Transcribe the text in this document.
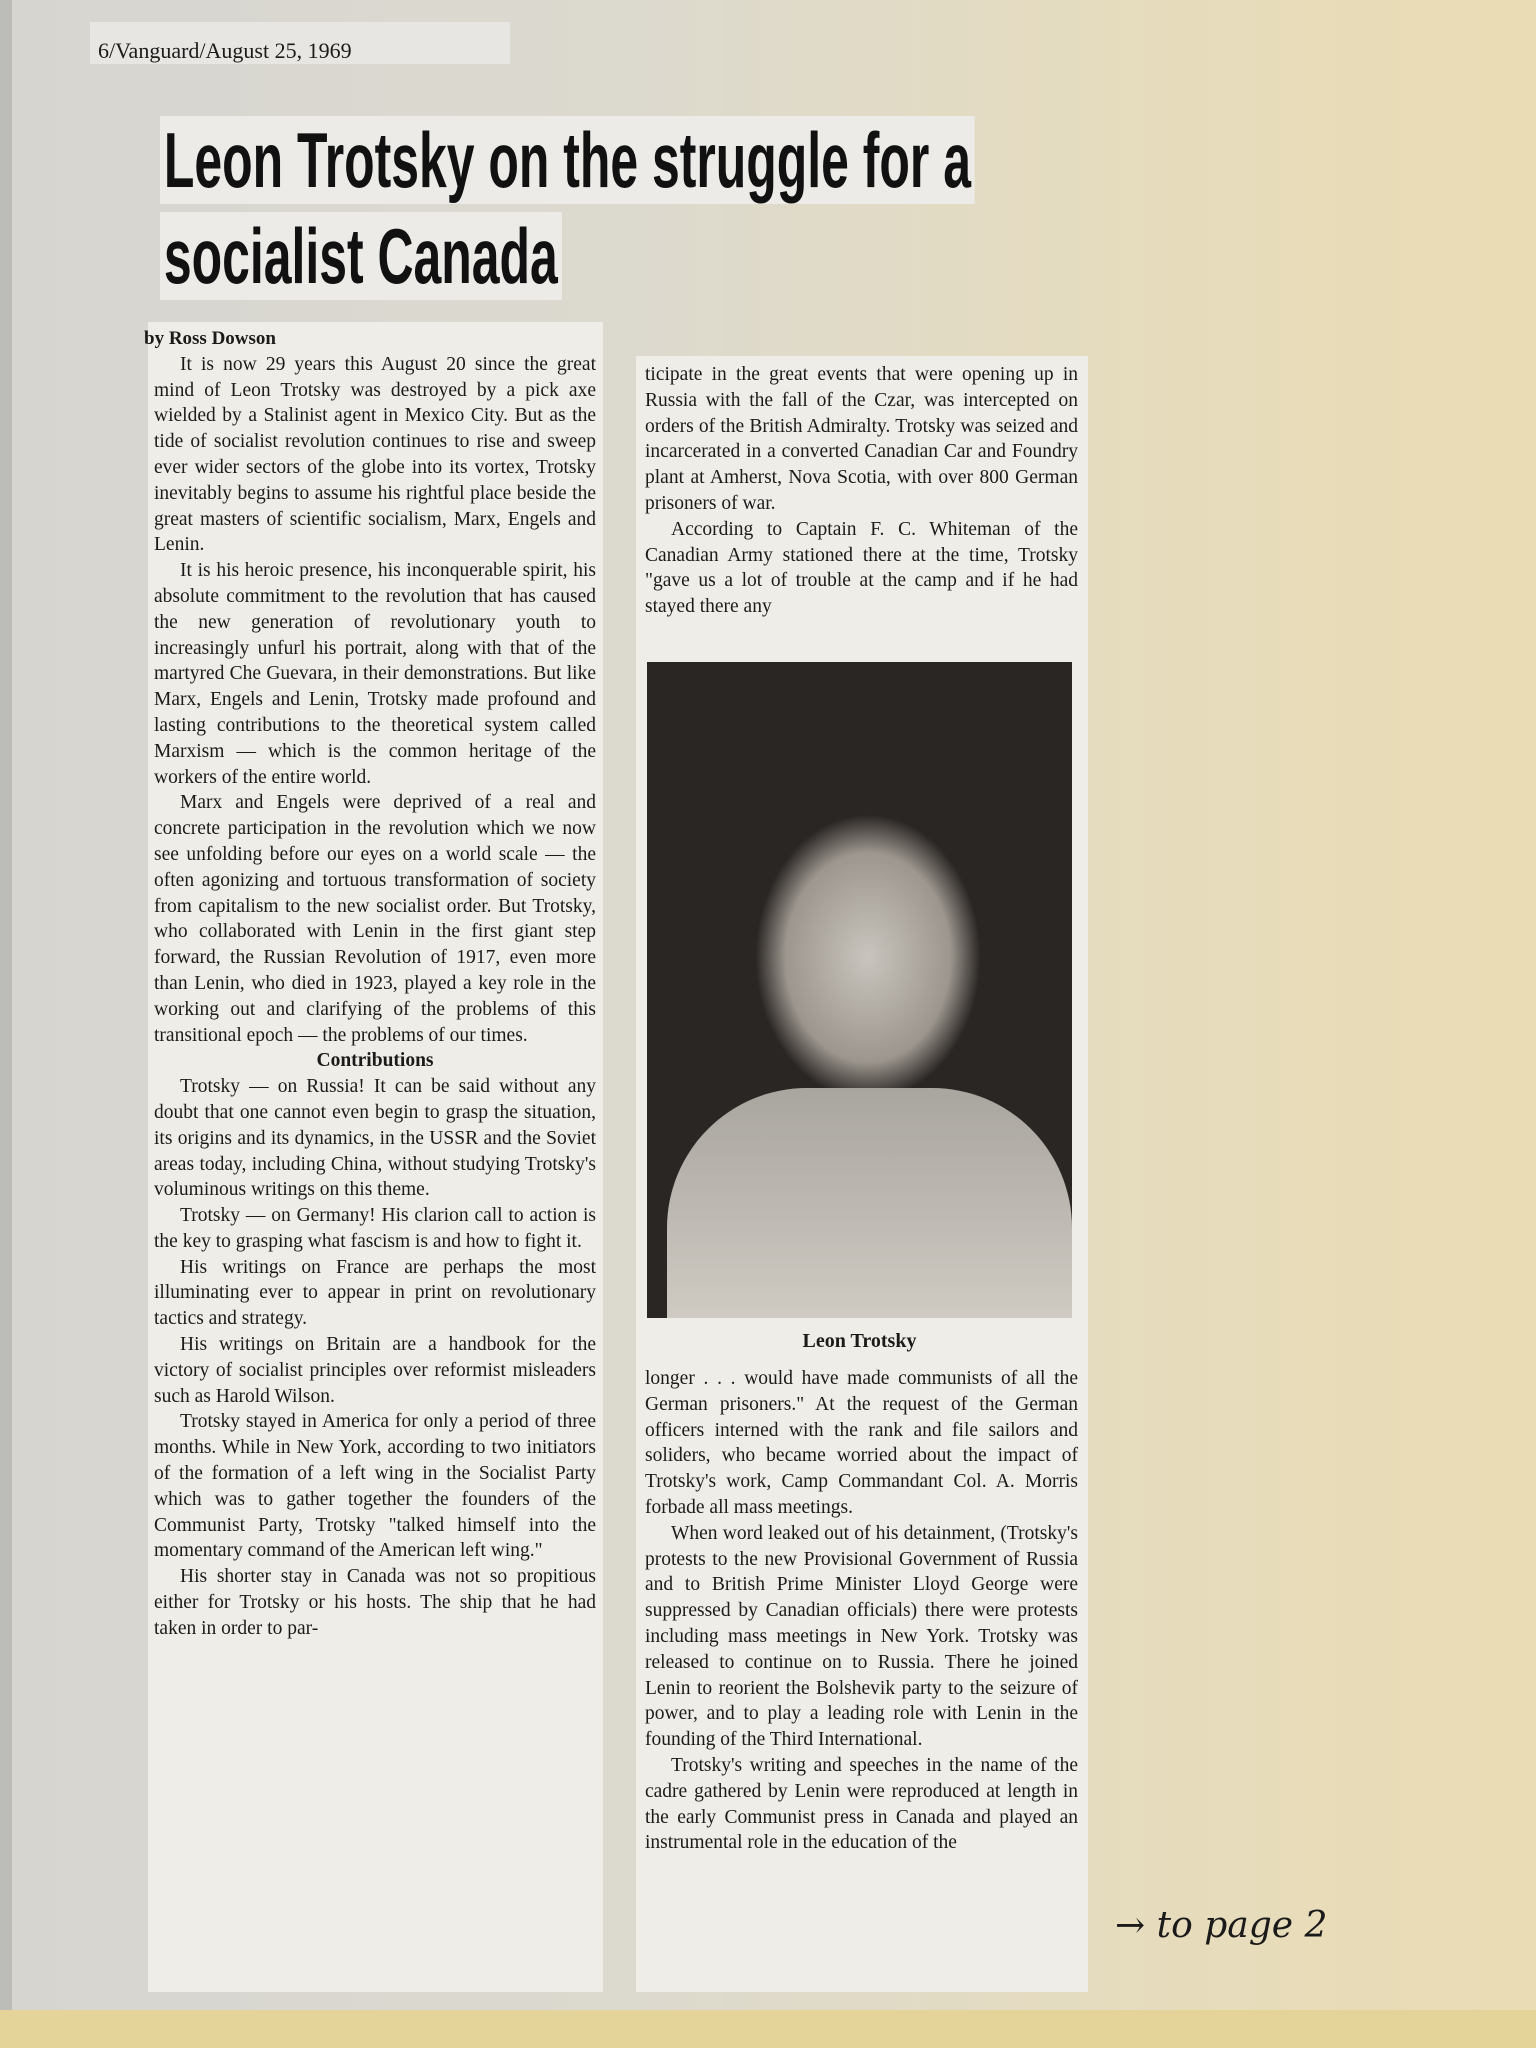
6/Vanguard/August 25, 1969
Leon Trotsky on the struggle for a
socialist Canada

by Ross Dowson

It is now 29 years this August 20 since the great mind of Leon Trotsky was destroyed by a pick axe wielded by a Stalinist agent in Mexico City. But as the tide of socialist revolution continues to rise and sweep ever wider sectors of the globe into its vortex, Trotsky inevitably begins to assume his rightful place beside the great masters of scientific socialism, Marx, Engels and Lenin.

It is his heroic presence, his inconquerable spirit, his absolute commitment to the revolution that has caused the new generation of revolutionary youth to increasingly unfurl his portrait, along with that of the martyred Che Guevara, in their demonstrations. But like Marx, Engels and Lenin, Trotsky made profound and lasting contributions to the theoretical system called Marxism — which is the common heritage of the workers of the entire world.

Marx and Engels were deprived of a real and concrete participation in the revolution which we now see unfolding before our eyes on a world scale — the often agonizing and tortuous transformation of society from capitalism to the new socialist order. But Trotsky, who collaborated with Lenin in the first giant step forward, the Russian Revolution of 1917, even more than Lenin, who died in 1923, played a key role in the working out and clarifying of the problems of this transitional epoch — the problems of our times.

Contributions

Trotsky — on Russia! It can be said without any doubt that one cannot even begin to grasp the situation, its origins and its dynamics, in the USSR and the Soviet areas today, including China, without studying Trotsky's voluminous writings on this theme.

Trotsky — on Germany! His clarion call to action is the key to grasping what fascism is and how to fight it.

His writings on France are perhaps the most illuminating ever to appear in print on revolutionary tactics and strategy.

His writings on Britain are a handbook for the victory of socialist principles over reformist misleaders such as Harold Wilson.

Trotsky stayed in America for only a period of three months. While in New York, according to two initiators of the formation of a left wing in the Socialist Party which was to gather together the founders of the Communist Party, Trotsky "talked himself into the momentary command of the American left wing."

His shorter stay in Canada was not so propitious either for Trotsky or his hosts. The ship that he had taken in order to par-

ticipate in the great events that were opening up in Russia with the fall of the Czar, was intercepted on orders of the British Admiralty. Trotsky was seized and incarcerated in a converted Canadian Car and Foundry plant at Amherst, Nova Scotia, with over 800 German prisoners of war.

According to Captain F. C. Whiteman of the Canadian Army stationed there at the time, Trotsky "gave us a lot of trouble at the camp and if he had stayed there any

Leon Trotsky

longer . . . would have made communists of all the German prisoners." At the request of the German officers interned with the rank and file sailors and soliders, who became worried about the impact of Trotsky's work, Camp Commandant Col. A. Morris forbade all mass meetings.

When word leaked out of his detainment, (Trotsky's protests to the new Provisional Government of Russia and to British Prime Minister Lloyd George were suppressed by Canadian officials) there were protests including mass meetings in New York. Trotsky was released to continue on to Russia. There he joined Lenin to reorient the Bolshevik party to the seizure of power, and to play a leading role with Lenin in the founding of the Third International.

Trotsky's writing and speeches in the name of the cadre gathered by Lenin were reproduced at length in the early Communist press in Canada and played an instrumental role in the education of the

→ to page 2
